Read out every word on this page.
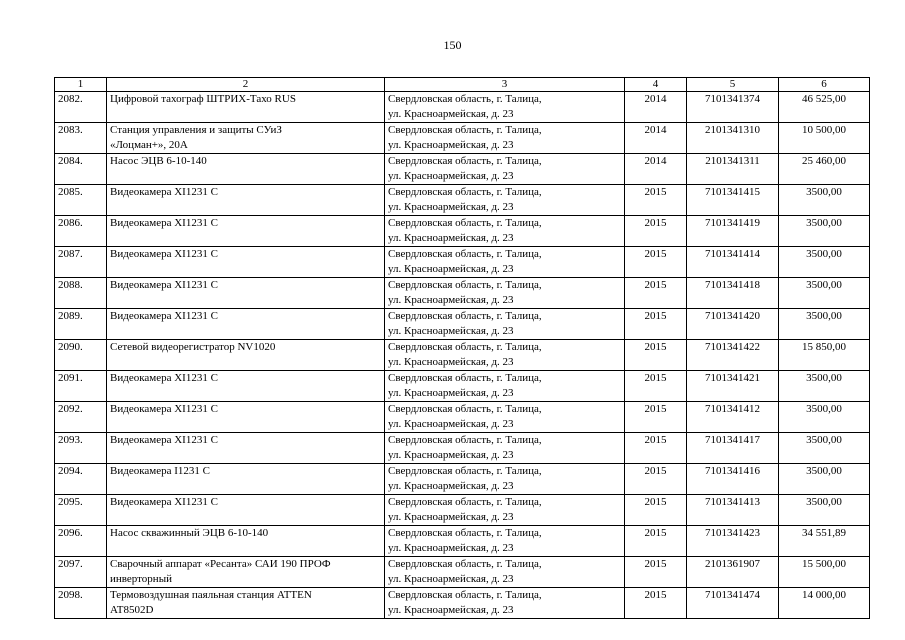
150
1	2	3	4	5	6
2082.	Цифровой тахограф ШТРИХ-Тахо RUS	Свердловская область, г. Талица,
ул. Красноармейская, д. 23	2014	7101341374	46 525,00
2083.	Станция управления и защиты СУиЗ
«Лоцман+», 20А	Свердловская область, г. Талица,
ул. Красноармейская, д. 23	2014	2101341310	10 500,00
2084.	Насос ЭЦВ 6-10-140	Свердловская область, г. Талица,
ул. Красноармейская, д. 23	2014	2101341311	25 460,00
2085.	Видеокамера XI1231 C	Свердловская область, г. Талица,
ул. Красноармейская, д. 23	2015	7101341415	3500,00
2086.	Видеокамера XI1231 C	Свердловская область, г. Талица,
ул. Красноармейская, д. 23	2015	7101341419	3500,00
2087.	Видеокамера XI1231 C	Свердловская область, г. Талица,
ул. Красноармейская, д. 23	2015	7101341414	3500,00
2088.	Видеокамера XI1231 C	Свердловская область, г. Талица,
ул. Красноармейская, д. 23	2015	7101341418	3500,00
2089.	Видеокамера XI1231 C	Свердловская область, г. Талица,
ул. Красноармейская, д. 23	2015	7101341420	3500,00
2090.	Сетевой видеорегистратор NV1020	Свердловская область, г. Талица,
ул. Красноармейская, д. 23	2015	7101341422	15 850,00
2091.	Видеокамера XI1231 C	Свердловская область, г. Талица,
ул. Красноармейская, д. 23	2015	7101341421	3500,00
2092.	Видеокамера XI1231 C	Свердловская область, г. Талица,
ул. Красноармейская, д. 23	2015	7101341412	3500,00
2093.	Видеокамера XI1231 C	Свердловская область, г. Талица,
ул. Красноармейская, д. 23	2015	7101341417	3500,00
2094.	Видеокамера I1231 C	Свердловская область, г. Талица,
ул. Красноармейская, д. 23	2015	7101341416	3500,00
2095.	Видеокамера XI1231 C	Свердловская область, г. Талица,
ул. Красноармейская, д. 23	2015	7101341413	3500,00
2096.	Насос скважинный ЭЦВ 6-10-140	Свердловская область, г. Талица,
ул. Красноармейская, д. 23	2015	7101341423	34 551,89
2097.	Сварочный аппарат «Ресанта» САИ 190 ПРОФ
инверторный	Свердловская область, г. Талица,
ул. Красноармейская, д. 23	2015	2101361907	15 500,00
2098.	Термовоздушная паяльная станция ATTEN
AT8502D	Свердловская область, г. Талица,
ул. Красноармейская, д. 23	2015	7101341474	14 000,00
